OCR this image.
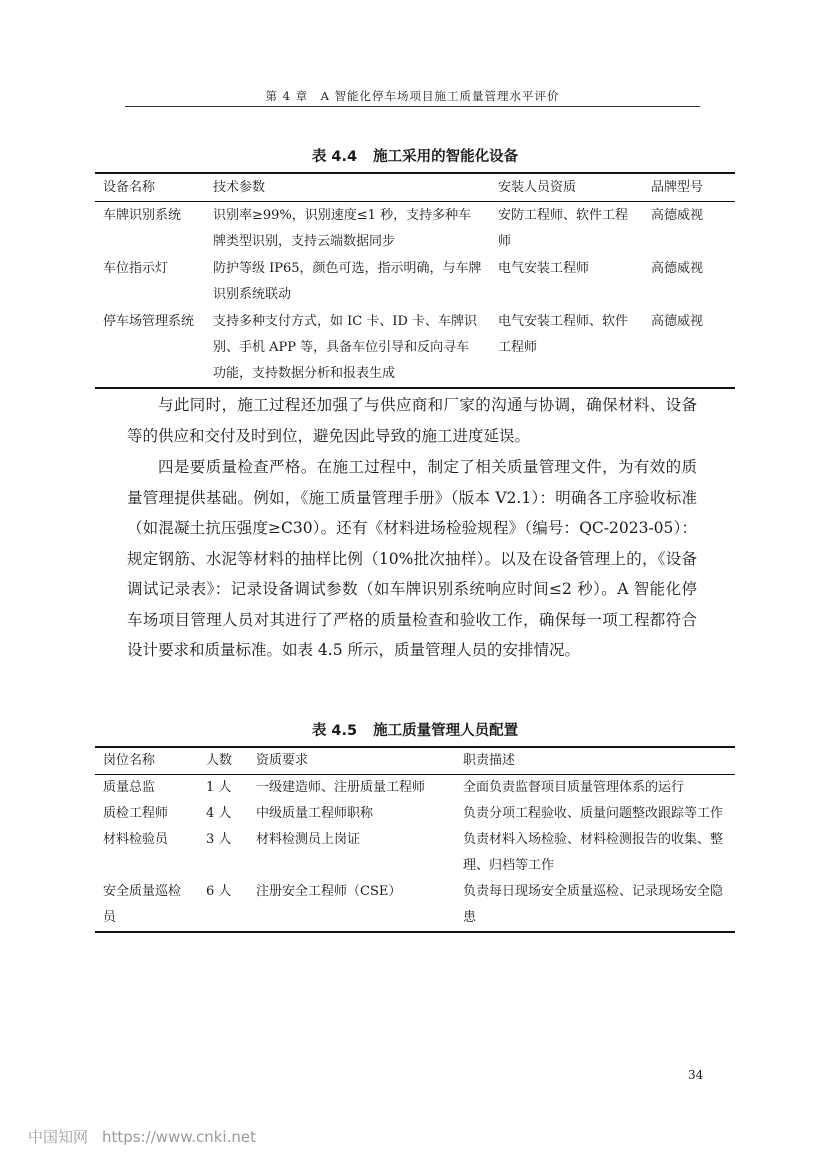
第 4 章　A 智能化停车场项目施工质量管理水平评价
表 4.4 施工采用的智能化设备
设备名称	技术参数	安装人员资质	品牌型号
车牌识别系统	识别率≥99%，识别速度≤1 秒，支持多种车牌类型识别，支持云端数据同步	安防工程师、软件工程师	高德威视
车位指示灯	防护等级 IP65，颜色可选，指示明确，与车牌识别系统联动	电气安装工程师	高德威视
停车场管理系统	支持多种支付方式，如 IC 卡、ID 卡、车牌识别、手机 APP 等，具备车位引导和反向寻车功能，支持数据分析和报表生成	电气安装工程师、软件工程师	高德威视

与此同时，施工过程还加强了与供应商和厂家的沟通与协调，确保材料、设备等的供应和交付及时到位，避免因此导致的施工进度延误。

四是要质量检查严格。在施工过程中，制定了相关质量管理文件，为有效的质量管理提供基础。例如，《施工质量管理手册》（版本 V2.1）：明确各工序验收标准（如混凝土抗压强度≥C30）。还有《材料进场检验规程》（编号：QC-2023-05）：规定钢筋、水泥等材料的抽样比例（10%批次抽样）。以及在设备管理上的，《设备调试记录表》：记录设备调试参数（如车牌识别系统响应时间≤2 秒）。A 智能化停车场项目管理人员对其进行了严格的质量检查和验收工作，确保每一项工程都符合设计要求和质量标准。如表 4.5 所示，质量管理人员的安排情况。

表 4.5 施工质量管理人员配置
岗位名称	人数	资质要求	职责描述
质量总监	1 人	一级建造师、注册质量工程师	全面负责监督项目质量管理体系的运行
质检工程师	4 人	中级质量工程师职称	负责分项工程验收、质量问题整改跟踪等工作
材料检验员	3 人	材料检测员上岗证	负责材料入场检验、材料检测报告的收集、整理、归档等工作
安全质量巡检员	6 人	注册安全工程师（CSE）	负责每日现场安全质量巡检、记录现场安全隐患
34
中国知网 https://www.cnki.net
